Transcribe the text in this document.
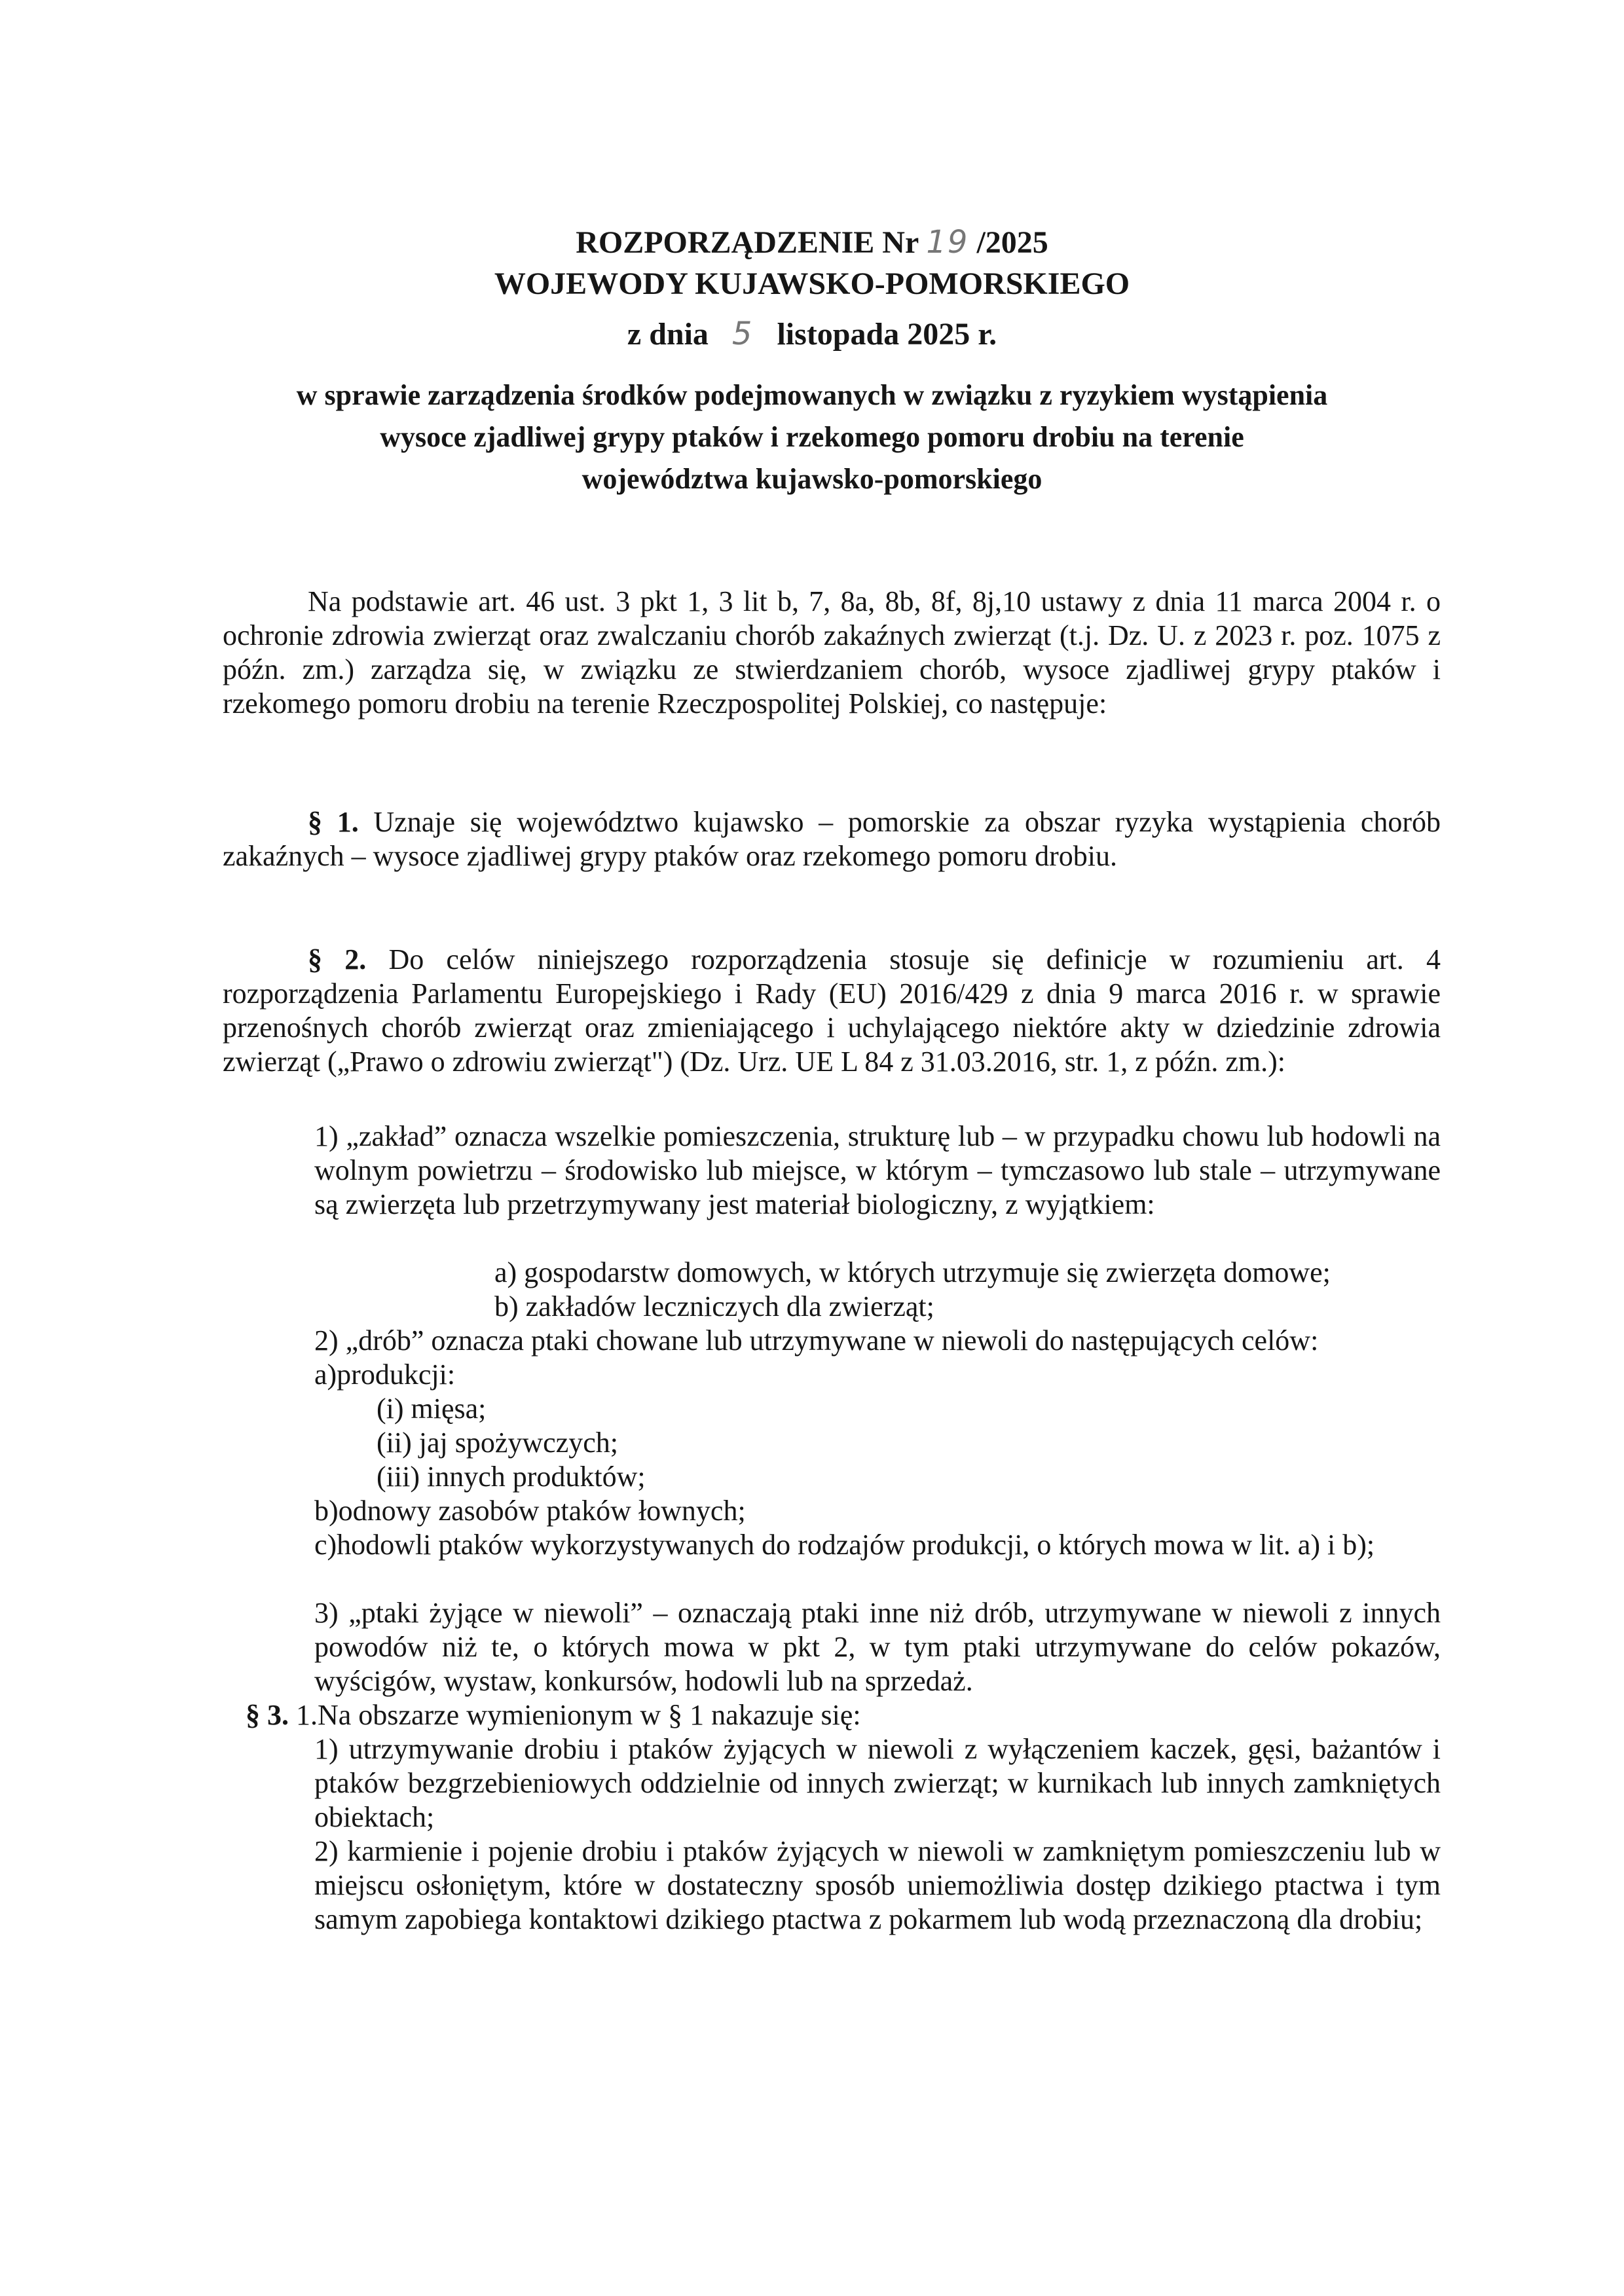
ROZPORZĄDZENIE Nr 19 /2025
WOJEWODY KUJAWSKO-POMORSKIEGO
z dnia 5 listopada 2025 r.
w sprawie zarządzenia środków podejmowanych w związku z ryzykiem wystąpienia
wysoce zjadliwej grypy ptaków i rzekomego pomoru drobiu na terenie
województwa kujawsko-pomorskiego
Na podstawie art. 46 ust. 3 pkt 1, 3 lit b, 7, 8a, 8b, 8f, 8j,10 ustawy z dnia 11 marca 2004 r. o ochronie zdrowia zwierząt oraz zwalczaniu chorób zakaźnych zwierząt (t.j. Dz. U. z 2023 r. poz. 1075 z późn. zm.) zarządza się, w związku ze stwierdzaniem chorób, wysoce zjadliwej grypy ptaków i rzekomego pomoru drobiu na terenie Rzeczpospolitej Polskiej, co następuje:
§ 1. Uznaje się województwo kujawsko – pomorskie za obszar ryzyka wystąpienia chorób zakaźnych – wysoce zjadliwej grypy ptaków oraz rzekomego pomoru drobiu.
§ 2. Do celów niniejszego rozporządzenia stosuje się definicje w rozumieniu art. 4 rozporządzenia Parlamentu Europejskiego i Rady (EU) 2016/429 z dnia 9 marca 2016 r. w sprawie przenośnych chorób zwierząt oraz zmieniającego i uchylającego niektóre akty w dziedzinie zdrowia zwierząt („Prawo o zdrowiu zwierząt") (Dz. Urz. UE L 84 z 31.03.2016, str. 1, z późn. zm.):
1) „zakład” oznacza wszelkie pomieszczenia, strukturę lub – w przypadku chowu lub hodowli na wolnym powietrzu – środowisko lub miejsce, w którym – tymczasowo lub stale – utrzymywane są zwierzęta lub przetrzymywany jest materiał biologiczny, z wyjątkiem:
a) gospodarstw domowych, w których utrzymuje się zwierzęta domowe;
b) zakładów leczniczych dla zwierząt;
2) „drób” oznacza ptaki chowane lub utrzymywane w niewoli do następujących celów:
a)produkcji:
(i) mięsa;
(ii) jaj spożywczych;
(iii) innych produktów;
b)odnowy zasobów ptaków łownych;
c)hodowli ptaków wykorzystywanych do rodzajów produkcji, o których mowa w lit. a) i b);
3) „ptaki żyjące w niewoli” – oznaczają ptaki inne niż drób, utrzymywane w niewoli z innych powodów niż te, o których mowa w pkt 2, w tym ptaki utrzymywane do celów pokazów, wyścigów, wystaw, konkursów, hodowli lub na sprzedaż.
§ 3. 1.Na obszarze wymienionym w § 1 nakazuje się:
1) utrzymywanie drobiu i ptaków żyjących w niewoli z wyłączeniem kaczek, gęsi, bażantów i ptaków bezgrzebieniowych oddzielnie od innych zwierząt; w kurnikach lub innych zamkniętych obiektach;
2) karmienie i pojenie drobiu i ptaków żyjących w niewoli w zamkniętym pomieszczeniu lub w miejscu osłoniętym, które w dostateczny sposób uniemożliwia dostęp dzikiego ptactwa i tym samym zapobiega kontaktowi dzikiego ptactwa z pokarmem lub wodą przeznaczoną dla drobiu;
